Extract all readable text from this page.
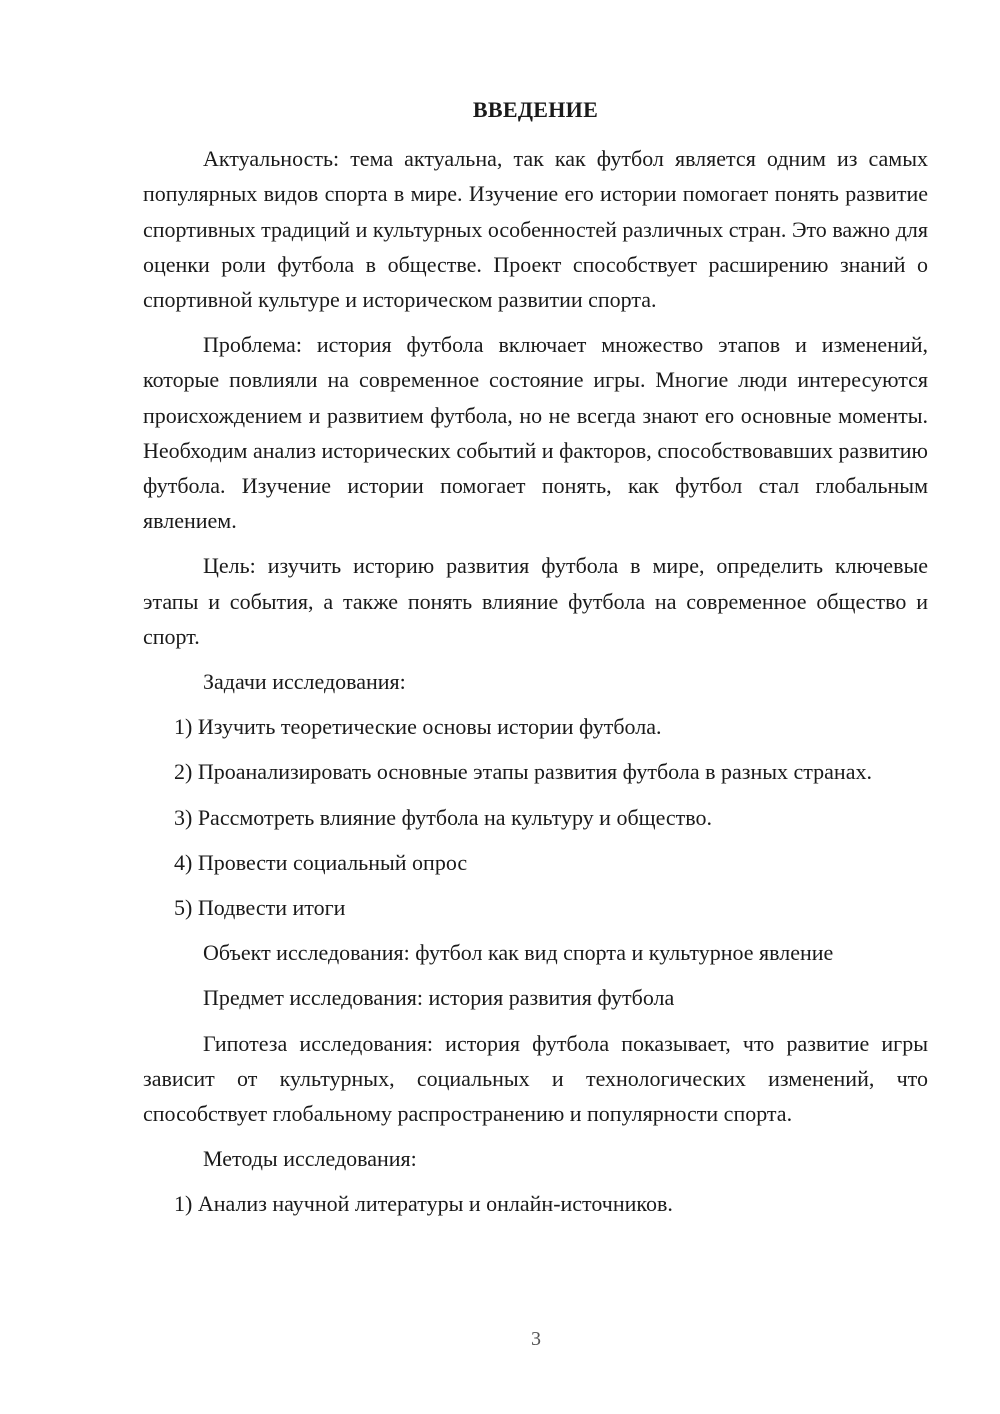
ВВЕДЕНИЕ

Актуальность: тема актуальна, так как футбол является одним из самых популярных видов спорта в мире. Изучение его истории помогает понять развитие спортивных традиций и культурных особенностей различных стран. Это важно для оценки роли футбола в обществе. Проект способствует расширению знаний о спортивной культуре и историческом развитии спорта.

Проблема: история футбола включает множество этапов и изменений, которые повлияли на современное состояние игры. Многие люди интересуются происхождением и развитием футбола, но не всегда знают его основные моменты. Необходим анализ исторических событий и факторов, способствовавших развитию футбола. Изучение истории помогает понять, как футбол стал глобальным явлением.

Цель: изучить историю развития футбола в мире, определить ключевые этапы и события, а также понять влияние футбола на современное общество и спорт.

Задачи исследования:

1) Изучить теоретические основы истории футбола.

2) Проанализировать основные этапы развития футбола в разных странах.

3) Рассмотреть влияние футбола на культуру и общество.

4) Провести социальный опрос

5) Подвести итоги

Объект исследования: футбол как вид спорта и культурное явление

Предмет исследования: история развития футбола

Гипотеза исследования: история футбола показывает, что развитие игры зависит от культурных, социальных и технологических изменений, что способствует глобальному распространению и популярности спорта.

Методы исследования:

1) Анализ научной литературы и онлайн-источников.

3
